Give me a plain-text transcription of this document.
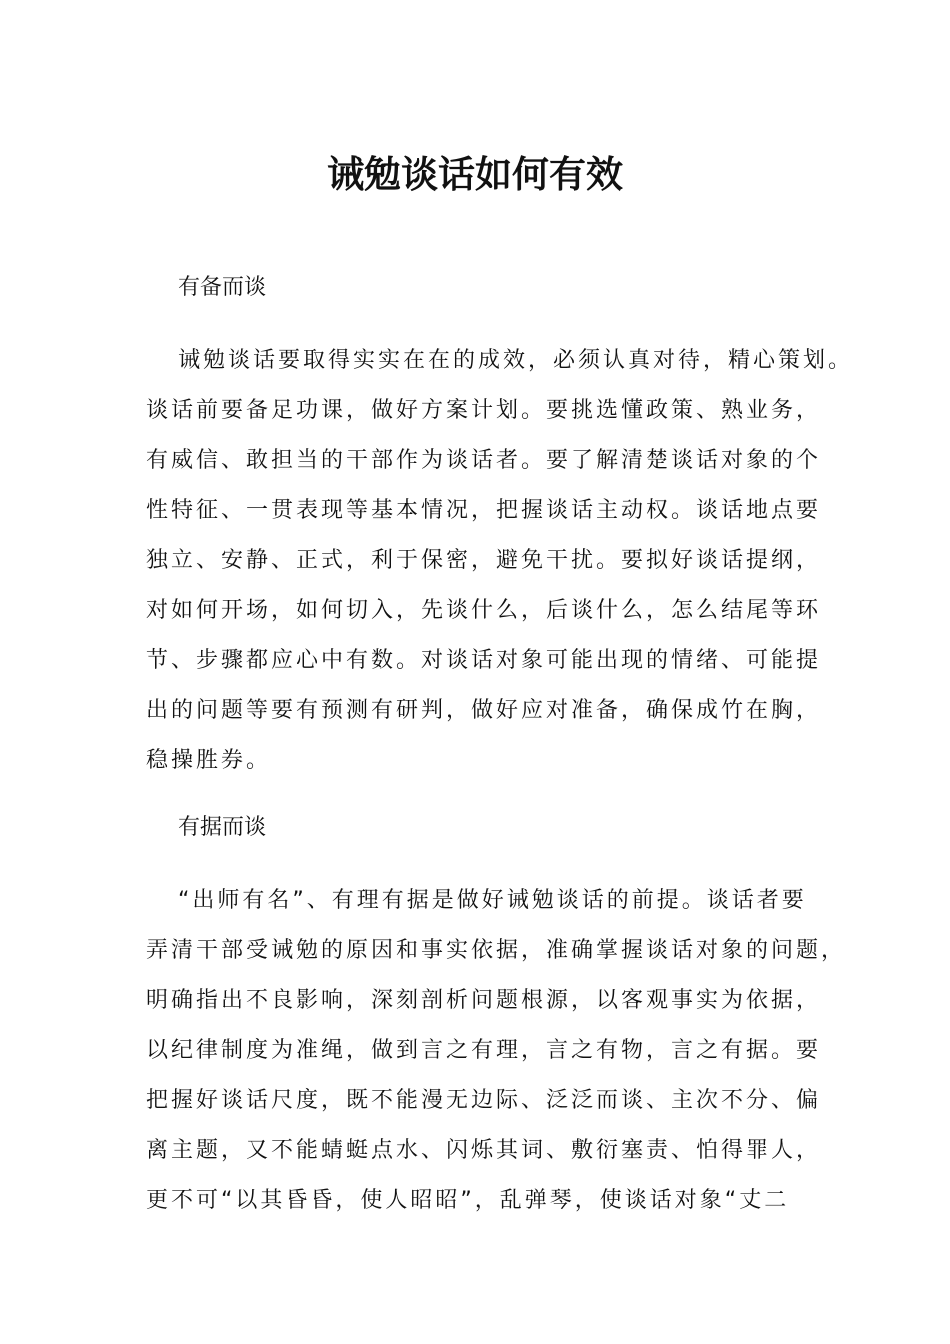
诫勉谈话如何有效
有备而谈
诫勉谈话要取得实实在在的成效，必须认真对待，精心策划。
谈话前要备足功课，做好方案计划。要挑选懂政策、熟业务，
有威信、敢担当的干部作为谈话者。要了解清楚谈话对象的个
性特征、一贯表现等基本情况，把握谈话主动权。谈话地点要
独立、安静、正式，利于保密，避免干扰。要拟好谈话提纲，
对如何开场，如何切入，先谈什么，后谈什么，怎么结尾等环
节、步骤都应心中有数。对谈话对象可能出现的情绪、可能提
出的问题等要有预测有研判，做好应对准备，确保成竹在胸，
稳操胜券。
有据而谈
“出师有名”、有理有据是做好诫勉谈话的前提。谈话者要
弄清干部受诫勉的原因和事实依据，准确掌握谈话对象的问题，
明确指出不良影响，深刻剖析问题根源，以客观事实为依据，
以纪律制度为准绳，做到言之有理，言之有物，言之有据。要
把握好谈话尺度，既不能漫无边际、泛泛而谈、主次不分、偏
离主题，又不能蜻蜓点水、闪烁其词、敷衍塞责、怕得罪人，
更不可“以其昏昏，使人昭昭”，乱弹琴，使谈话对象“丈二
